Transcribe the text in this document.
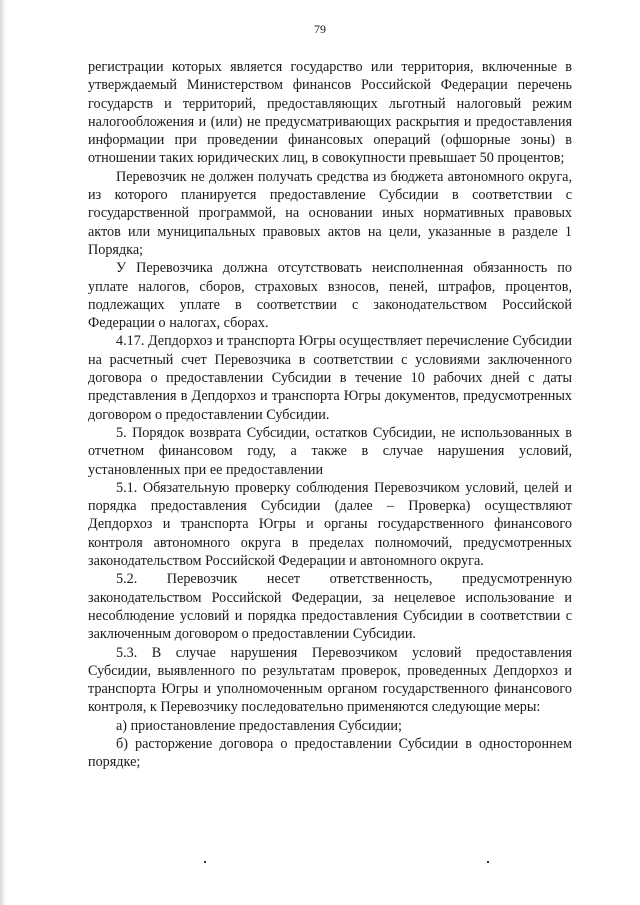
79

регистрации которых является государство или территория, включенные в утверждаемый Министерством финансов Российской Федерации перечень государств и территорий, предоставляющих льготный налоговый режим налогообложения и (или) не предусматривающих раскрытия и предоставления информации при проведении финансовых операций (офшорные зоны) в отношении таких юридических лиц, в совокупности превышает 50 процентов;

Перевозчик не должен получать средства из бюджета автономного округа, из которого планируется предоставление Субсидии в соответствии с государственной программой, на основании иных нормативных правовых актов или муниципальных правовых актов на цели, указанные в разделе 1 Порядка;

У Перевозчика должна отсутствовать неисполненная обязанность по уплате налогов, сборов, страховых взносов, пеней, штрафов, процентов, подлежащих уплате в соответствии с законодательством Российской Федерации о налогах, сборах.

4.17. Депдорхоз и транспорта Югры осуществляет перечисление Субсидии на расчетный счет Перевозчика в соответствии с условиями заключенного договора о предоставлении Субсидии в течение 10 рабочих дней с даты представления в Депдорхоз и транспорта Югры документов, предусмотренных договором о предоставлении Субсидии.

5. Порядок возврата Субсидии, остатков Субсидии, не использованных в отчетном финансовом году, а также в случае нарушения условий, установленных при ее предоставлении

5.1. Обязательную проверку соблюдения Перевозчиком условий, целей и порядка предоставления Субсидии (далее – Проверка) осуществляют Депдорхоз и транспорта Югры и органы государственного финансового контроля автономного округа в пределах полномочий, предусмотренных законодательством Российской Федерации и автономного округа.

5.2. Перевозчик несет ответственность, предусмотренную законодательством Российской Федерации, за нецелевое использование и несоблюдение условий и порядка предоставления Субсидии в соответствии с заключенным договором о предоставлении Субсидии.

5.3. В случае нарушения Перевозчиком условий предоставления Субсидии, выявленного по результатам проверок, проведенных Депдорхоз и транспорта Югры и уполномоченным органом государственного финансового контроля, к Перевозчику последовательно применяются следующие меры:

а) приостановление предоставления Субсидии;

б) расторжение договора о предоставлении Субсидии в одностороннем порядке;
